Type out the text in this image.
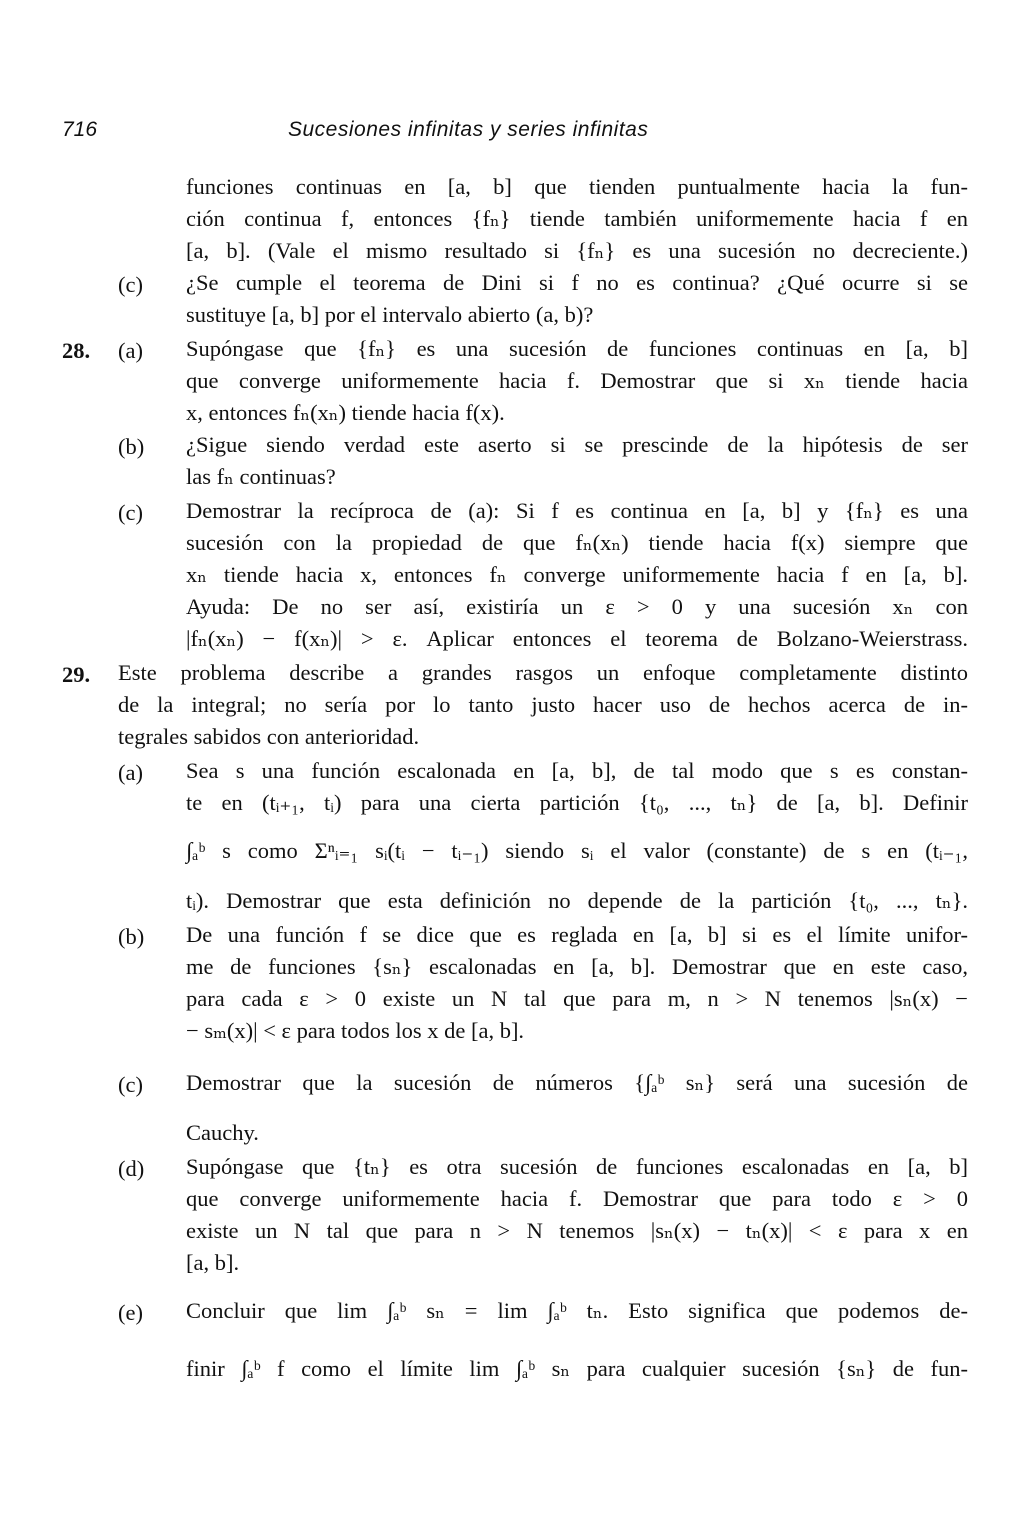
716	Sucesiones infinitas y series infinitas
(c)
28. (a)
(b)
(c)
29.
(a)
(b)
(c)
(d)
(e)
funciones continuas en [a, b] que tienden puntualmente hacia la fun-
ción continua f, entonces {fₙ} tiende también uniformemente hacia f en
[a, b]. (Vale el mismo resultado si {fₙ} es una sucesión no decreciente.)
¿Se cumple el teorema de Dini si f no es continua? ¿Qué ocurre si se
sustituye [a, b] por el intervalo abierto (a, b)?
Supóngase que {fₙ} es una sucesión de funciones continuas en [a, b]
que converge uniformemente hacia f. Demostrar que si xₙ tiende hacia
x, entonces fₙ(xₙ) tiende hacia f(x).
¿Sigue siendo verdad este aserto si se prescinde de la hipótesis de ser
las fₙ continuas?
Demostrar la recíproca de (a): Si f es continua en [a, b] y {fₙ} es una
sucesión con la propiedad de que fₙ(xₙ) tiende hacia f(x) siempre que
xₙ tiende hacia x, entonces fₙ converge uniformemente hacia f en [a, b].
Ayuda: De no ser así, existiría un ε > 0 y una sucesión xₙ con
|fₙ(xₙ) − f(xₙ)| > ε. Aplicar entonces el teorema de Bolzano-Weierstrass.
Este problema describe a grandes rasgos un enfoque completamente distinto
de la integral; no sería por lo tanto justo hacer uso de hechos acerca de in-
tegrales sabidos con anterioridad.
Sea s una función escalonada en [a, b], de tal modo que s es constan-
te en (tᵢ₊₁, tᵢ) para una cierta partición {t₀, ..., tₙ} de [a, b]. Definir
∫ₐᵇ s como Σⁿᵢ₌₁ sᵢ(tᵢ − tᵢ₋₁) siendo sᵢ el valor (constante) de s en (tᵢ₋₁,
tᵢ). Demostrar que esta definición no depende de la partición {t₀, ..., tₙ}.
De una función f se dice que es reglada en [a, b] si es el límite unifor-
me de funciones {sₙ} escalonadas en [a, b]. Demostrar que en este caso,
para cada ε > 0 existe un N tal que para m, n > N tenemos |sₙ(x) −
− sₘ(x)| < ε para todos los x de [a, b].
Demostrar que la sucesión de números {∫ₐᵇ sₙ} será una sucesión de
Cauchy.
Supóngase que {tₙ} es otra sucesión de funciones escalonadas en [a, b]
que converge uniformemente hacia f. Demostrar que para todo ε > 0
existe un N tal que para n > N tenemos |sₙ(x) − tₙ(x)| < ε para x en
[a, b].
Concluir que lim ∫ₐᵇ sₙ = lim ∫ₐᵇ tₙ. Esto significa que podemos de-
finir ∫ₐᵇ f como el límite lim ∫ₐᵇ sₙ para cualquier sucesión {sₙ} de fun-
